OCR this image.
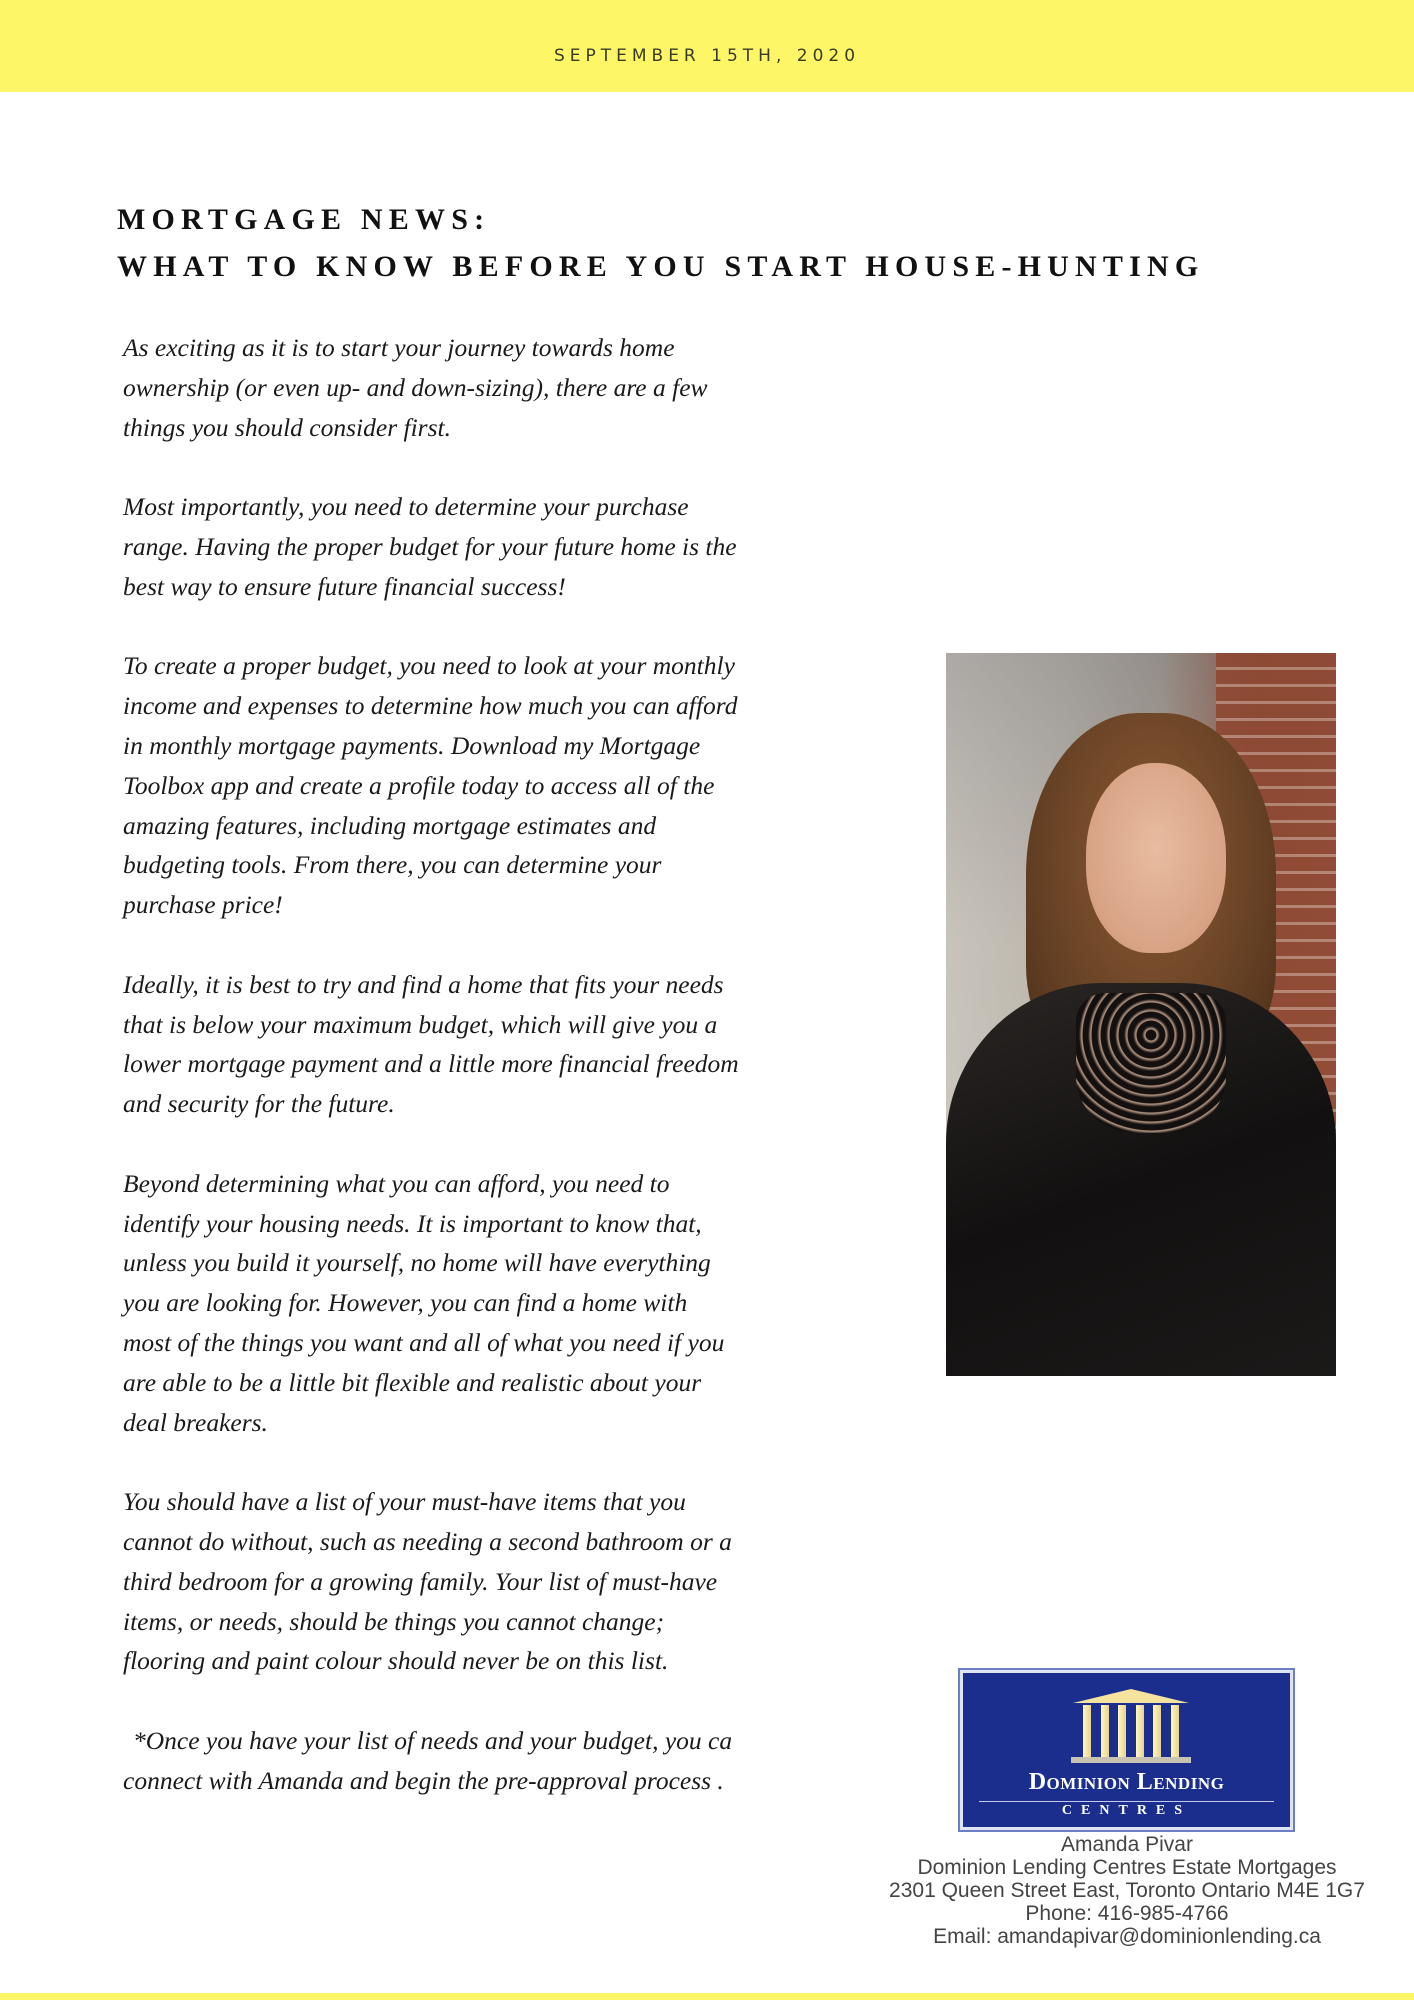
SEPTEMBER 15TH, 2020
MORTGAGE NEWS:
WHAT TO KNOW BEFORE YOU START HOUSE-HUNTING
As exciting as it is to start your journey towards home
ownership (or even up- and down-sizing), there are a few
things you should consider first.
Most importantly, you need to determine your purchase
range. Having the proper budget for your future home is the
best way to ensure future financial success!
To create a proper budget, you need to look at your monthly
income and expenses to determine how much you can afford
in monthly mortgage payments. Download my Mortgage
Toolbox app and create a profile today to access all of the
amazing features, including mortgage estimates and
budgeting tools. From there, you can determine your
purchase price!
Ideally, it is best to try and find a home that fits your needs
that is below your maximum budget, which will give you a
lower mortgage payment and a little more financial freedom
and security for the future.
Beyond determining what you can afford, you need to
identify your housing needs. It is important to know that,
unless you build it yourself, no home will have everything
you are looking for. However, you can find a home with
most of the things you want and all of what you need if you
are able to be a little bit flexible and realistic about your
deal breakers.
You should have a list of your must-have items that you
cannot do without, such as needing a second bathroom or a
third bedroom for a growing family. Your list of must-have
items, or needs, should be things you cannot change;
flooring and paint colour should never be on this list.
*Once you have your list of needs and your budget, you ca
connect with Amanda and begin the pre-approval process .	Dominion Lending
CENTRES
Amanda Pivar
Dominion Lending Centres Estate Mortgages
2301 Queen Street East, Toronto Ontario M4E 1G7
Phone: 416-985-4766
Email: amandapivar@dominionlending.ca
